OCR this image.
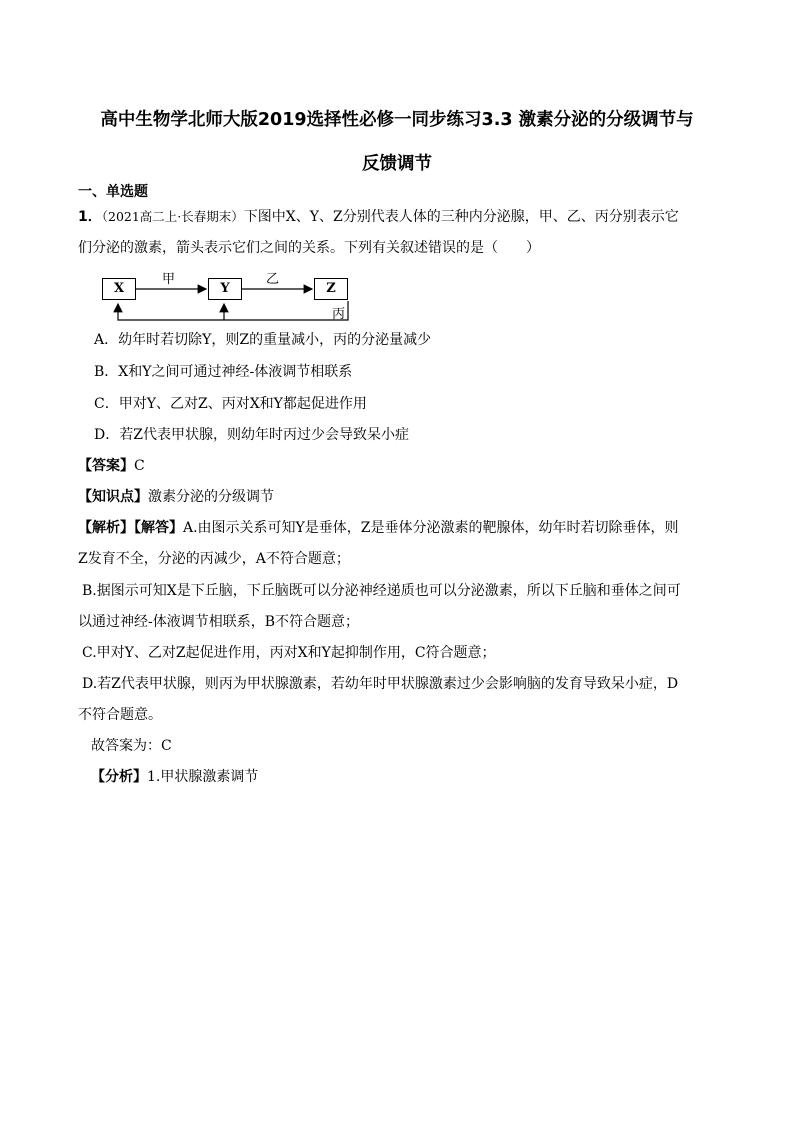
高中生物学北师大版2019选择性必修一同步练习3.3 激素分泌的分级调节与
反馈调节
一、单选题
1．（2021高二上·长春期末）下图中X、Y、Z分别代表人体的三种内分泌腺，甲、乙、丙分别表示它
们分泌的激素，箭头表示它们之间的关系。下列有关叙述错误的是（　　）
X	Y	Z
甲	乙
丙
A．幼年时若切除Y，则Z的重量减小，丙的分泌量减少
B．X和Y之间可通过神经-体液调节相联系
C．甲对Y、乙对Z、丙对X和Y都起促进作用
D．若Z代表甲状腺，则幼年时丙过少会导致呆小症
【答案】C
【知识点】激素分泌的分级调节
【解析】【解答】A.由图示关系可知Y是垂体，Z是垂体分泌激素的靶腺体，幼年时若切除垂体，则
Z发育不全，分泌的丙减少，A不符合题意；
B.据图示可知X是下丘脑，下丘脑既可以分泌神经递质也可以分泌激素，所以下丘脑和垂体之间可
以通过神经-体液调节相联系，B不符合题意；
C.甲对Y、乙对Z起促进作用，丙对X和Y起抑制作用，C符合题意；
D.若Z代表甲状腺，则丙为甲状腺激素，若幼年时甲状腺激素过少会影响脑的发育导致呆小症，D
不符合题意。
故答案为：C
【分析】1.甲状腺激素调节
